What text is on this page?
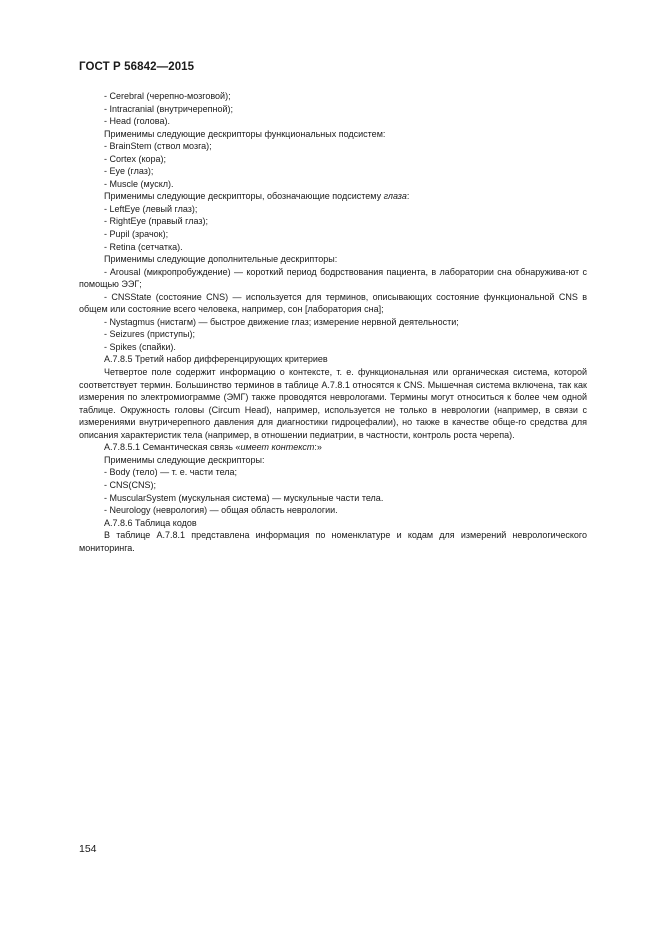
ГОСТ Р 56842—2015
- Cerebral (черепно-мозговой);
- Intracranial (внутричерепной);
- Head (голова).
Применимы следующие дескрипторы функциональных подсистем:
- BrainStem (ствол мозга);
- Cortex (кора);
- Eye (глаз);
- Muscle (мускл).
Применимы следующие дескрипторы, обозначающие подсистему глаза:
- LeftEye (левый глаз);
- RightEye (правый глаз);
- Pupil (зрачок);
- Retina (сетчатка).
Применимы следующие дополнительные дескрипторы:
- Arousal (микропробуждение) — короткий период бодрствования пациента, в лаборатории сна обнаружива-ют с помощью ЭЭГ;
- CNSState (состояние CNS) — используется для терминов, описывающих состояние функциональной CNS в общем или состояние всего человека, например, сон [лаборатория сна];
- Nystagmus (нистагм) — быстрое движение глаз; измерение нервной деятельности;
- Seizures (приступы);
- Spikes (спайки).
А.7.8.5 Третий набор дифференцирующих критериев
Четвертое поле содержит информацию о контексте, т. е. функциональная или органическая система, которой соответствует термин. Большинство терминов в таблице А.7.8.1 относятся к CNS. Мышечная система включена, так как измерения по электромиограмме (ЭМГ) также проводятся неврологами. Термины могут относиться к более чем одной таблице. Окружность головы (Circum Head), например, используется не только в неврологии (например, в связи с измерениями внутричерепного давления для диагностики гидроцефалии), но также в качестве обще-го средства для описания характеристик тела (например, в отношении педиатрии, в частности, контроль роста черепа).
А.7.8.5.1 Семантическая связь «имеет контекст:»
Применимы следующие дескрипторы:
- Body (тело) — т. е. части тела;
- CNS(CNS);
- MuscularSystem (мускульная система) — мускульные части тела.
- Neurology (неврология) — общая область неврологии.
А.7.8.6 Таблица кодов
В таблице А.7.8.1 представлена информация по номенклатуре и кодам для измерений неврологического мониторинга.
154
